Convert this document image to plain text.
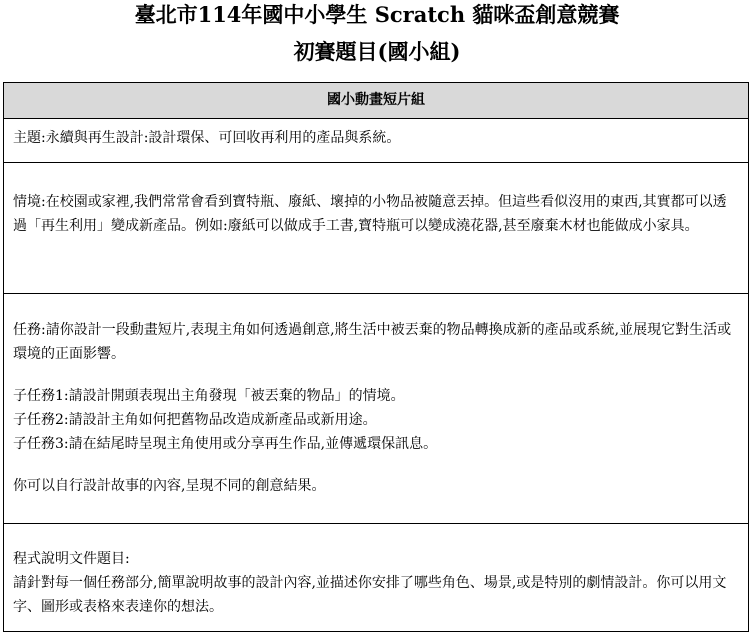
臺北市114年國中小學生 Scratch 貓咪盃創意競賽
初賽題目(國小組)
國小動畫短片組

主題:永續與再生設計:設計環保、可回收再利用的產品與系統。

情境:在校園或家裡,我們常常會看到寶特瓶、廢紙、壞掉的小物品被隨意丟掉。但這些看似沒用的東西,其實都可以透過「再生利用」變成新產品。例如:廢紙可以做成手工書,寶特瓶可以變成澆花器,甚至廢棄木材也能做成小家具。

任務:請你設計一段動畫短片,表現主角如何透過創意,將生活中被丟棄的物品轉換成新的產品或系統,並展現它對生活或環境的正面影響。

子任務1:請設計開頭表現出主角發現「被丟棄的物品」的情境。

子任務2:請設計主角如何把舊物品改造成新產品或新用途。

子任務3:請在結尾時呈現主角使用或分享再生作品,並傳遞環保訊息。

你可以自行設計故事的內容,呈現不同的創意結果。

程式說明文件題目:

請針對每一個任務部分,簡單說明故事的設計內容,並描述你安排了哪些角色、場景,或是特別的劇情設計。你可以用文字、圖形或表格來表達你的想法。
